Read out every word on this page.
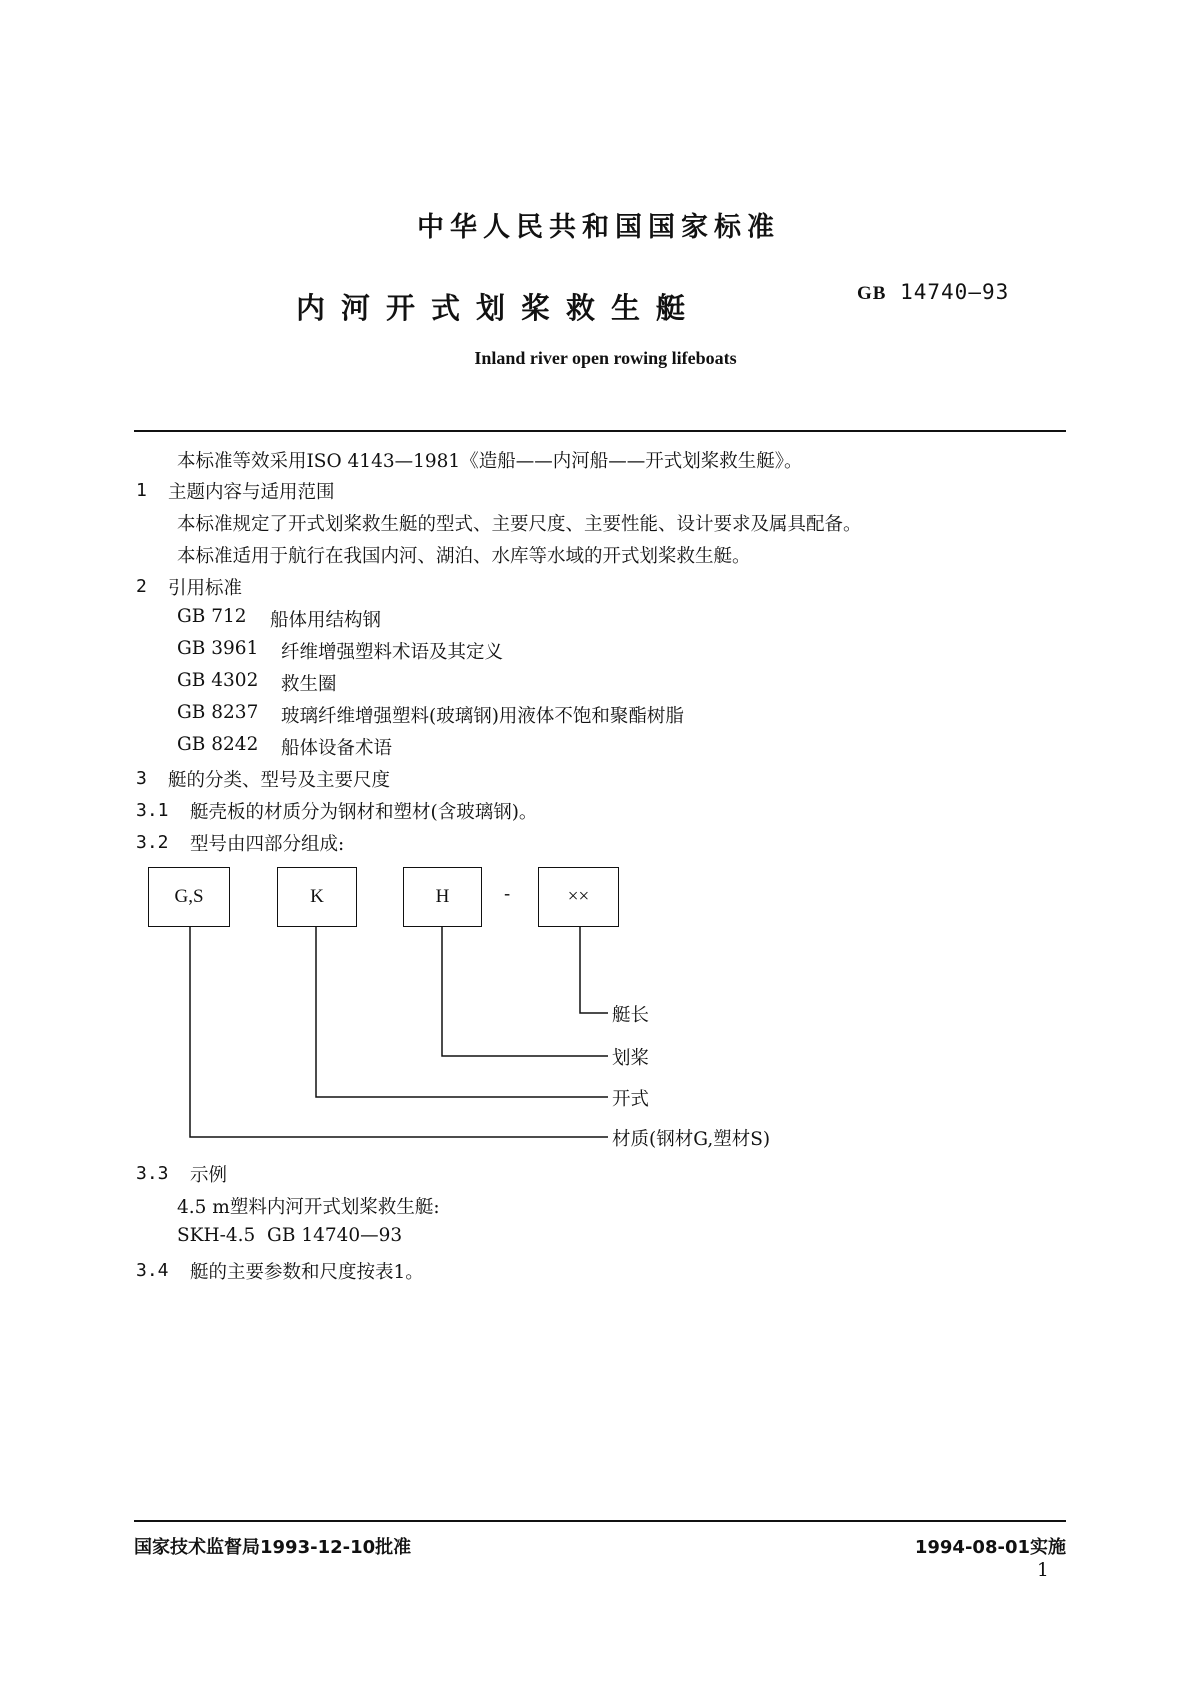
中华人民共和国国家标准
内河开式划桨救生艇	GB 14740—93
Inland river open rowing lifeboats
本标准等效采用ISO 4143—1981《造船——内河船——开式划桨救生艇》。
1 主题内容与适用范围
本标准规定了开式划桨救生艇的型式、主要尺度、主要性能、设计要求及属具配备。
本标准适用于航行在我国内河、湖泊、水库等水域的开式划桨救生艇。
2 引用标准
GB 712 船体用结构钢
GB 3961 纤维增强塑料术语及其定义
GB 4302 救生圈
GB 8237 玻璃纤维增强塑料(玻璃钢)用液体不饱和聚酯树脂
GB 8242 船体设备术语
3 艇的分类、型号及主要尺度
3.1 艇壳板的材质分为钢材和塑材(含玻璃钢)。
3.2 型号由四部分组成:
G,S	K	H	-	××
艇长
划桨
开式
材质(钢材G,塑材S)
3.3 示例
4.5 m塑料内河开式划桨救生艇:
SKH-4.5  GB 14740—93
3.4 艇的主要参数和尺度按表1。
国家技术监督局1993-12-10批准	1994-08-01实施
1
